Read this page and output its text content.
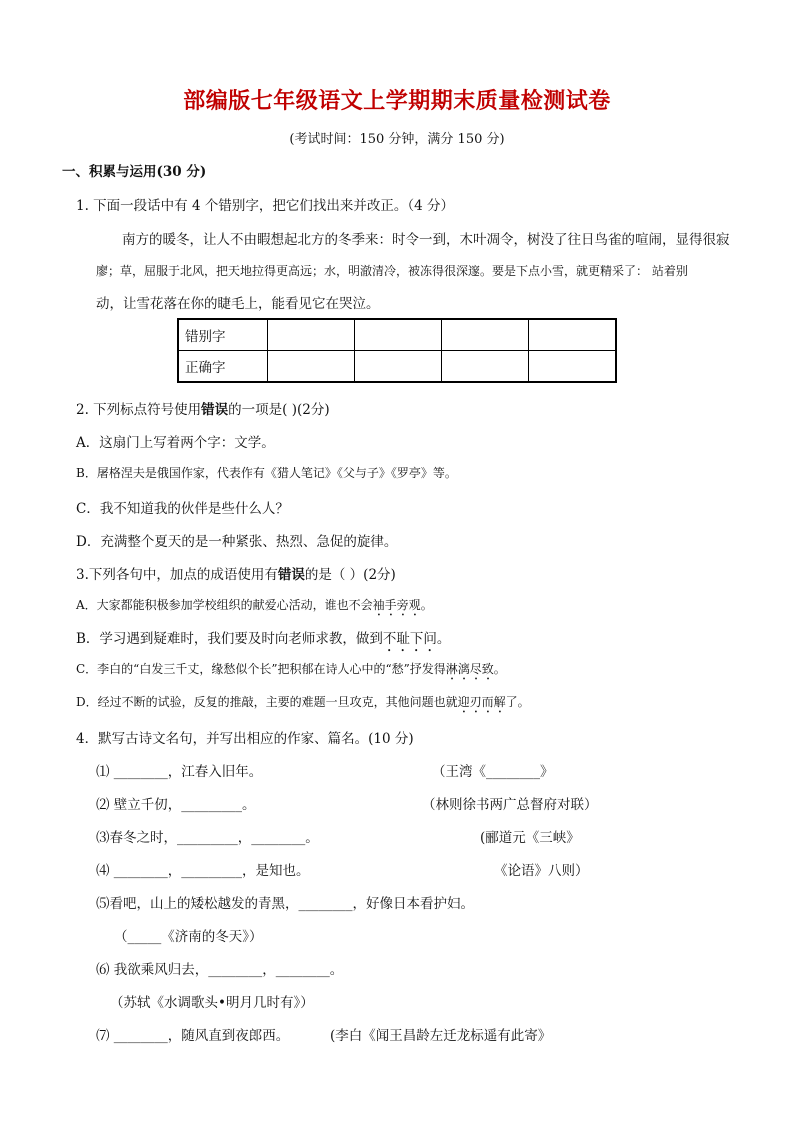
部编版七年级语文上学期期末质量检测试卷
(考试时间：150 分钟，满分 150 分)
一、积累与运用(30 分)
1. 下面一段话中有 4 个错别字，把它们找出来并改正。（4 分）
南方的暖冬，让人不由睱想起北方的冬季来：时令一到，木叶凋令，树没了往日鸟雀的喧闹，显得很寂
廖；草，屈服于北风，把天地拉得更高远；水，明澈清冷，被冻得很深邃。要是下点小雪，就更精采了： 站着别
动，让雪花落在你的睫毛上，能看见它在哭泣。
错别字				
正确字				
2. 下列标点符号使用错误的一项是( )(2分)
A．这扇门上写着两个字：文学。
B．屠格涅夫是俄国作家，代表作有《猎人笔记》《父与子》《罗亭》等。
C．我不知道我的伙伴是些什么人？
D．充满整个夏天的是一种紧张、热烈、急促的旋律。
3.下列各句中，加点的成语使用有错误的是（ ）(2分)
A．大家都能积极参加学校组织的献爱心活动，谁也不会袖手旁观。
B．学习遇到疑难时，我们要及时向老师求教，做到不耻下问。
C．李白的“白发三千丈，缘愁似个长”把积郁在诗人心中的“愁”抒发得淋漓尽致。
D．经过不断的试验，反复的推敲，主要的难题一旦攻克，其他问题也就迎刃而解了。
4．默写古诗文名句，并写出相应的作家、篇名。(10 分)
⑴ ________，江春入旧年。	（王湾《________》
⑵ 壁立千仞，_________。	（林则徐书两广总督府对联）
⑶春冬之时，_________，________。	(郦道元《三峡》
⑷ ________，_________，是知也。	《论语》八则）
⑸看吧，山上的矮松越发的青黑，________，好像日本看护妇。
（_____《济南的冬天》）
⑹ 我欲乘风归去，________，________。
（苏轼《水调歌头•明月几时有》）
⑺ ________，随风直到夜郎西。	(李白《闻王昌龄左迁龙标遥有此寄》
